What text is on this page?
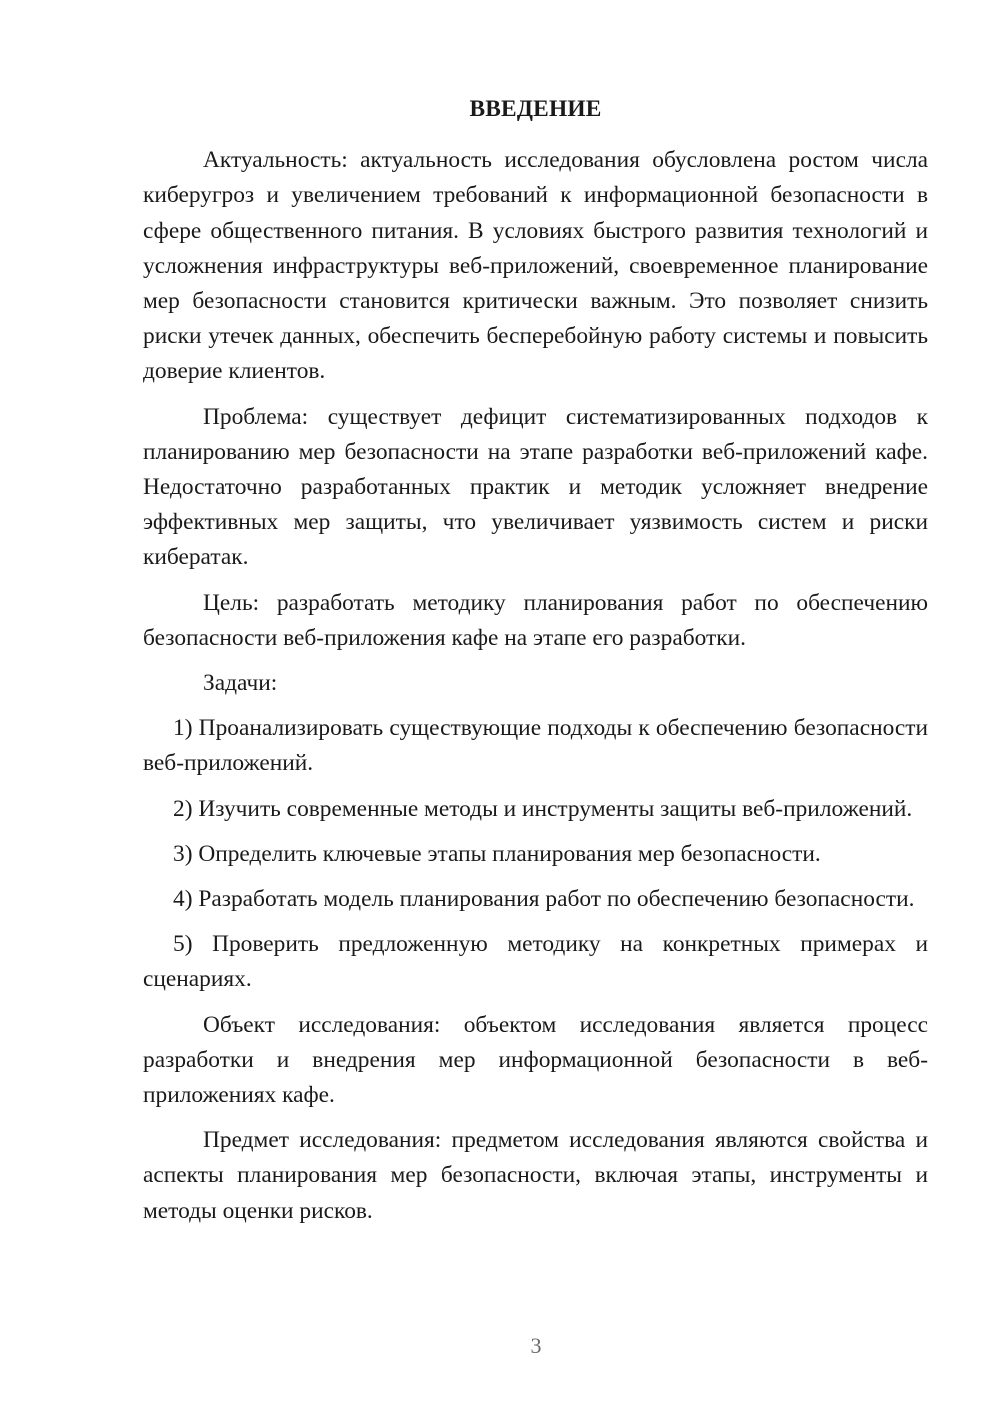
ВВЕДЕНИЕ

Актуальность: актуальность исследования обусловлена ростом числа киберугроз и увеличением требований к информационной безопасности в сфере общественного питания. В условиях быстрого развития технологий и усложнения инфраструктуры веб-приложений, своевременное планирование мер безопасности становится критически важным. Это позволяет снизить риски утечек данных, обеспечить бесперебойную работу системы и повысить доверие клиентов.

Проблема: существует дефицит систематизированных подходов к планированию мер безопасности на этапе разработки веб-приложений кафе. Недостаточно разработанных практик и методик усложняет внедрение эффективных мер защиты, что увеличивает уязвимость систем и риски кибератак.

Цель: разработать методику планирования работ по обеспечению безопасности веб-приложения кафе на этапе его разработки.

Задачи:

1) Проанализировать существующие подходы к обеспечению безопасности веб-приложений.

2) Изучить современные методы и инструменты защиты веб-приложений.

3) Определить ключевые этапы планирования мер безопасности.

4) Разработать модель планирования работ по обеспечению безопасности.

5) Проверить предложенную методику на конкретных примерах и сценариях.

Объект исследования: объектом исследования является процесс разработки и внедрения мер информационной безопасности в веб-приложениях кафе.

Предмет исследования: предметом исследования являются свойства и аспекты планирования мер безопасности, включая этапы, инструменты и методы оценки рисков.

3
